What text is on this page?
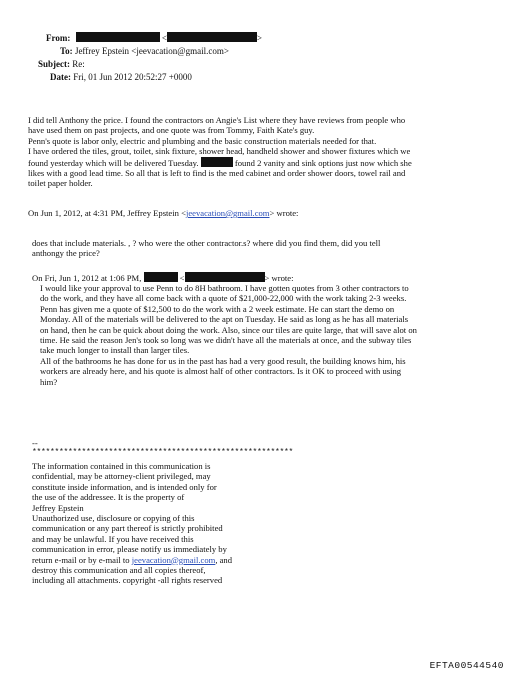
From:	<	>
To: Jeffrey Epstein <jeevacation@gmail.com>
Subject: Re:
Date: Fri, 01 Jun 2012 20:52:27 +0000
I did tell Anthony the price. I found the contractors on Angie's List where they have reviews from people who
have used them on past projects, and one quote was from Tommy, Faith Kate's guy.
Penn's quote is labor only, electric and plumbing and the basic construction materials needed for that.
I have ordered the tiles, grout, toilet, sink fixture, shower head, handheld shower and shower fixtures which we
found yesterday which will be delivered Tuesday.	found 2 vanity and sink options just now which she
likes with a good lead time. So all that is left to find is the med cabinet and order shower doors, towel rail and
toilet paper holder.
On Jun 1, 2012, at 4:31 PM, Jeffrey Epstein <jeevacation@gmail.com> wrote:
does that include materials. , ? who were the other contractor.s? where did you find them, did you tell
anthongy the price?
On Fri, Jun 1, 2012 at 1:06 PM,	<	> wrote:
I would like your approval to use Penn to do 8H bathroom. I have gotten quotes from 3 other contractors to
do the work, and they have all come back with a quote of $21,000-22,000 with the work taking 2-3 weeks.
Penn has given me a quote of $12,500 to do the work with a 2 week estimate. He can start the demo on
Monday. All of the materials will be delivered to the apt on Tuesday. He said as long as he has all materials
on hand, then he can be quick about doing the work. Also, since our tiles are quite large, that will save alot on
time. He said the reason Jen's took so long was we didn't have all the materials at once, and the subway tiles
take much longer to install than larger tiles.
All of the bathrooms he has done for us in the past has had a very good result, the building knows him, his
workers are already here, and his quote is almost half of other contractors. Is it OK to proceed with using
him?
--
**********************************************************
The information contained in this communication is
confidential, may be attorney-client privileged, may
constitute inside information, and is intended only for
the use of the addressee. It is the property of
Jeffrey Epstein
Unauthorized use, disclosure or copying of this
communication or any part thereof is strictly prohibited
and may be unlawful. If you have received this
communication in error, please notify us immediately by
return e-mail or by e-mail to jeevacation@gmail.com, and
destroy this communication and all copies thereof,
including all attachments. copyright -all rights reserved
EFTA00544540
